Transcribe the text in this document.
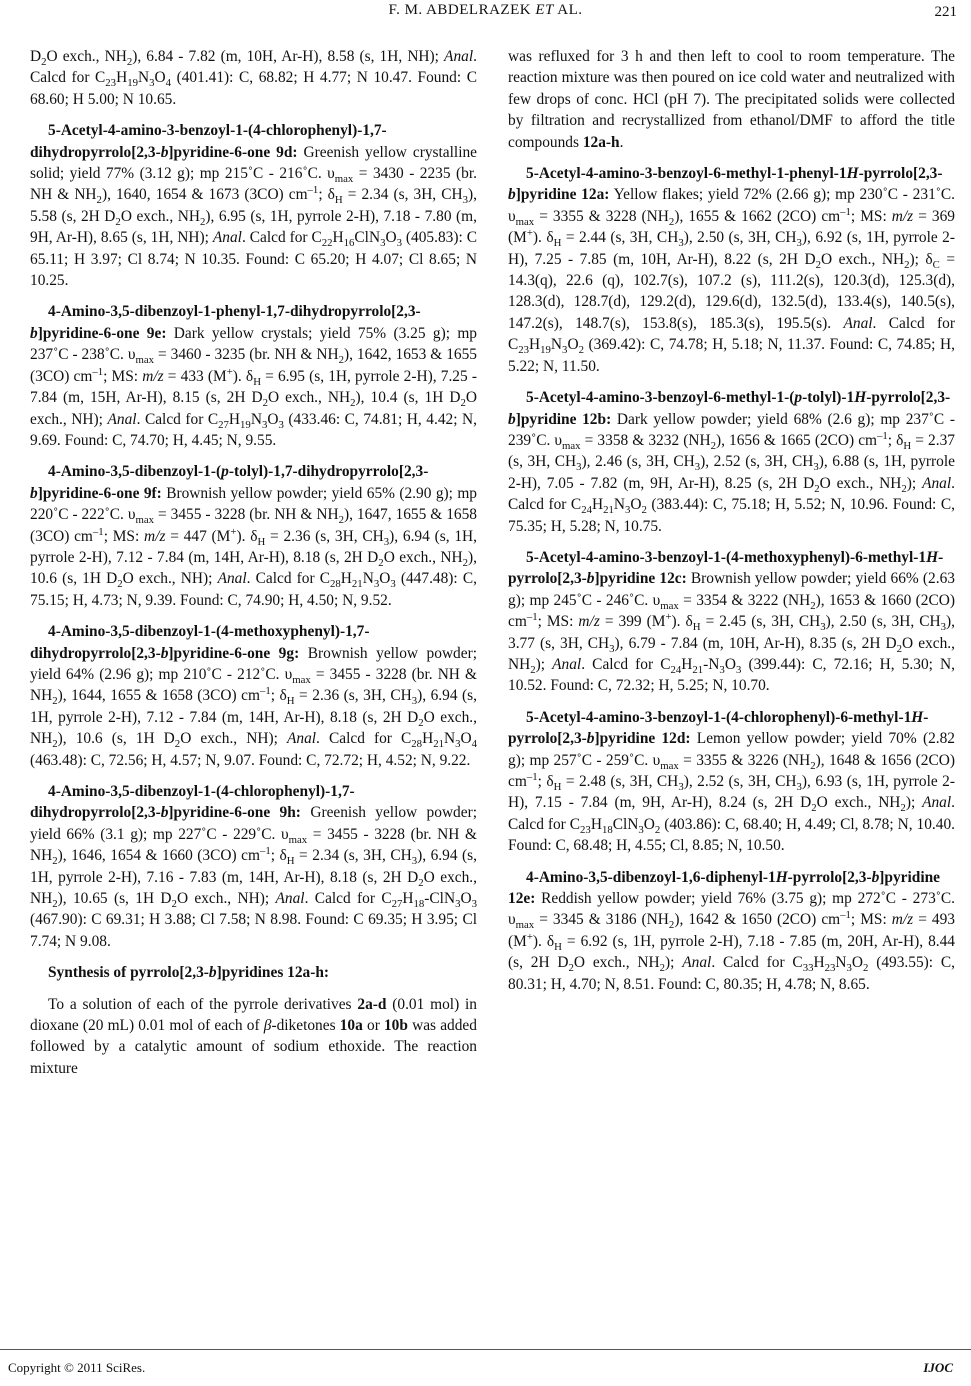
F. M. ABDELRAZEK ET AL.	221

$D_2O$ exch., $NH_2$), 6.84 - 7.82 (m, 10H, Ar-H), 8.58 (s, 1H, NH); Anal. Calcd for $C_{23}H_{19}N_3O_4$ (401.41): C, 68.82; H 4.77; N 10.47. Found: C 68.60; H 5.00; N 10.65.

5-Acetyl-4-amino-3-benzoyl-1-(4-chlorophenyl)-1,7-dihydropyrrolo[2,3-b]pyridine-6-one 9d: Greenish yellow crystalline solid; yield 77% (3.12 g); mp 215˚C - 216˚C. $\upsilon_{max} = 3430 - 2235$ (br. NH & $NH_2$), 1640, 1654 & 1673 (3CO) $cm^{-1}$; $\delta_H = 2.34$ (s, 3H, $CH_3$), 5.58 (s, 2H $D_2O$ exch., $NH_2$), 6.95 (s, 1H, pyrrole 2-H), 7.18 - 7.80 (m, 9H, Ar-H), 8.65 (s, 1H, NH); Anal. Calcd for $C_{22}H_{16}ClN_3O_3$ (405.83): C 65.11; H 3.97; Cl 8.74; N 10.35. Found: C 65.20; H 4.07; Cl 8.65; N 10.25.

4-Amino-3,5-dibenzoyl-1-phenyl-1,7-dihydropyrrolo[2,3-b]pyridine-6-one 9e: Dark yellow crystals; yield 75% (3.25 g); mp 237˚C - 238˚C. $\upsilon_{max} = 3460 - 3235$ (br. NH & $NH_2$), 1642, 1653 & 1655 (3CO) $cm^{-1}$; MS: m/z = 433 (M+). $\delta_H = 6.95$ (s, 1H, pyrrole 2-H), 7.25 - 7.84 (m, 15H, Ar-H), 8.15 (s, 2H $D_2O$ exch., $NH_2$), 10.4 (s, 1H $D_2O$ exch., NH); Anal. Calcd for $C_{27}H_{19}N_3O_3$ (433.46: C, 74.81; H, 4.42; N, 9.69. Found: C, 74.70; H, 4.45; N, 9.55.

4-Amino-3,5-dibenzoyl-1-(p-tolyl)-1,7-dihydropyrrolo[2,3-b]pyridine-6-one 9f: Brownish yellow powder; yield 65% (2.90 g); mp 220˚C - 222˚C. $\upsilon_{max} = 3455 - 3228$ (br. NH & $NH_2$), 1647, 1655 & 1658 (3CO) $cm^{-1}$; MS: m/z = 447 (M+). $\delta_H = 2.36$ (s, 3H, $CH_3$), 6.94 (s, 1H, pyrrole 2-H), 7.12 - 7.84 (m, 14H, Ar-H), 8.18 (s, 2H $D_2O$ exch., $NH_2$), 10.6 (s, 1H $D_2O$ exch., NH); Anal. Calcd for $C_{28}H_{21}N_3O_3$ (447.48): C, 75.15; H, 4.73; N, 9.39. Found: C, 74.90; H, 4.50; N, 9.52.

4-Amino-3,5-dibenzoyl-1-(4-methoxyphenyl)-1,7-dihydropyrrolo[2,3-b]pyridine-6-one 9g: Brownish yellow powder; yield 64% (2.96 g); mp 210˚C - 212˚C. $\upsilon_{max} = 3455 - 3228$ (br. NH & $NH_2$), 1644, 1655 & 1658 (3CO) $cm^{-1}$; $\delta_H = 2.36$ (s, 3H, $CH_3$), 6.94 (s, 1H, pyrrole 2-H), 7.12 - 7.84 (m, 14H, Ar-H), 8.18 (s, 2H $D_2O$ exch., $NH_2$), 10.6 (s, 1H $D_2O$ exch., NH); Anal. Calcd for $C_{28}H_{21}N_3O_4$ (463.48): C, 72.56; H, 4.57; N, 9.07. Found: C, 72.72; H, 4.52; N, 9.22.

4-Amino-3,5-dibenzoyl-1-(4-chlorophenyl)-1,7-dihydropyrrolo[2,3-b]pyridine-6-one 9h: Greenish yellow powder; yield 66% (3.1 g); mp 227˚C - 229˚C. $\upsilon_{max} = 3455 - 3228$ (br. NH & $NH_2$), 1646, 1654 & 1660 (3CO) $cm^{-1}$; $\delta_H = 2.34$ (s, 3H, $CH_3$), 6.94 (s, 1H, pyrrole 2-H), 7.16 - 7.83 (m, 14H, Ar-H), 8.18 (s, 2H $D_2O$ exch., $NH_2$), 10.65 (s, 1H $D_2O$ exch., NH); Anal. Calcd for $C_{27}H_{18}-ClN_3O_3$ (467.90): C 69.31; H 3.88; Cl 7.58; N 8.98. Found: C 69.35; H 3.95; Cl 7.74; N 9.08.

Synthesis of pyrrolo[2,3-b]pyridines 12a-h:

To a solution of each of the pyrrole derivatives 2a-d (0.01 mol) in dioxane (20 mL) 0.01 mol of each of β-diketones 10a or 10b was added followed by a catalytic amount of sodium ethoxide. The reaction mixture

was refluxed for 3 h and then left to cool to room temperature. The reaction mixture was then poured on ice cold water and neutralized with few drops of conc. HCl (pH 7). The precipitated solids were collected by filtration and recrystallized from ethanol/DMF to afford the title compounds 12a-h.

5-Acetyl-4-amino-3-benzoyl-6-methyl-1-phenyl-1H-pyrrolo[2,3-b]pyridine 12a: Yellow flakes; yield 72% (2.66 g); mp 230˚C - 231˚C. $\upsilon_{max} = 3355$ & 3228 $(NH_2)$, 1655 & 1662 (2CO) $cm^{-1}$; MS: m/z = 369 (M+). $\delta_H = 2.44$ (s, 3H, $CH_3$), 2.50 (s, 3H, $CH_3$), 6.92 (s, 1H, pyrrole 2-H), 7.25 - 7.85 (m, 10H, Ar-H), 8.22 (s, 2H $D_2O$ exch., $NH_2$); $\delta_C = 14.3(q)$, 22.6 (q), 102.7(s), 107.2 (s), 111.2(s), 120.3(d), 125.3(d), 128.3(d), 128.7(d), 129.2(d), 129.6(d), 132.5(d), 133.4(s), 140.5(s), 147.2(s), 148.7(s), 153.8(s), 185.3(s), 195.5(s). Anal. Calcd for $C_{23}H_{19}N_3O_2$ (369.42): C, 74.78; H, 5.18; N, 11.37. Found: C, 74.85; H, 5.22; N, 11.50.

5-Acetyl-4-amino-3-benzoyl-6-methyl-1-(p-tolyl)-1H-pyrrolo[2,3-b]pyridine 12b: Dark yellow powder; yield 68% (2.6 g); mp 237˚C - 239˚C. $\upsilon_{max} = 3358$ & 3232 $(NH_2)$, 1656 & 1665 (2CO) $cm^{-1}$; $\delta_H = 2.37$ (s, 3H, $CH_3$), 2.46 (s, 3H, $CH_3$), 2.52 (s, 3H, $CH_3$), 6.88 (s, 1H, pyrrole 2-H), 7.05 - 7.82 (m, 9H, Ar-H), 8.25 (s, 2H $D_2O$ exch., $NH_2$); Anal. Calcd for $C_{24}H_{21}N_3O_2$ (383.44): C, 75.18; H, 5.52; N, 10.96. Found: C, 75.35; H, 5.28; N, 10.75.

5-Acetyl-4-amino-3-benzoyl-1-(4-methoxyphenyl)-6-methyl-1H-pyrrolo[2,3-b]pyridine 12c: Brownish yellow powder; yield 66% (2.63 g); mp 245˚C - 246˚C. $\upsilon_{max} = 3354$ & 3222 $(NH_2)$, 1653 & 1660 (2CO) $cm^{-1}$; MS: m/z = 399 (M+). $\delta_H = 2.45$ (s, 3H, $CH_3$), 2.50 (s, 3H, $CH_3$), 3.77 (s, 3H, $CH_3$), 6.79 - 7.84 (m, 10H, Ar-H), 8.35 (s, 2H $D_2O$ exch., $NH_2$); Anal. Calcd for $C_{24}H_{21}-N_3O_3$ (399.44): C, 72.16; H, 5.30; N, 10.52. Found: C, 72.32; H, 5.25; N, 10.70.

5-Acetyl-4-amino-3-benzoyl-1-(4-chlorophenyl)-6-methyl-1H-pyrrolo[2,3-b]pyridine 12d: Lemon yellow powder; yield 70% (2.82 g); mp 257˚C - 259˚C. $\upsilon_{max} = 3355$ & 3226 $(NH_2)$, 1648 & 1656 (2CO) $cm^{-1}$; $\delta_H = 2.48$ (s, 3H, $CH_3$), 2.52 (s, 3H, $CH_3$), 6.93 (s, 1H, pyrrole 2-H), 7.15 - 7.84 (m, 9H, Ar-H), 8.24 (s, 2H $D_2O$ exch., $NH_2$); Anal. Calcd for $C_{23}H_{18}ClN_3O_2$ (403.86): C, 68.40; H, 4.49; Cl, 8.78; N, 10.40. Found: C, 68.48; H, 4.55; Cl, 8.85; N, 10.50.

4-Amino-3,5-dibenzoyl-1,6-diphenyl-1H-pyrrolo[2,3-b]pyridine 12e: Reddish yellow powder; yield 76% (3.75 g); mp 272˚C - 273˚C. $\upsilon_{max} = 3345$ & 3186 $(NH_2)$, 1642 & 1650 (2CO) $cm^{-1}$; MS: m/z = 493 (M+). $\delta_H = 6.92$ (s, 1H, pyrrole 2-H), 7.18 - 7.85 (m, 20H, Ar-H), 8.44 (s, 2H $D_2O$ exch., $NH_2$); Anal. Calcd for $C_{33}H_{23}N_3O_2$ (493.55): C, 80.31; H, 4.70; N, 8.51. Found: C, 80.35; H, 4.78; N, 8.65.

Copyright © 2011 SciRes.	IJOC
